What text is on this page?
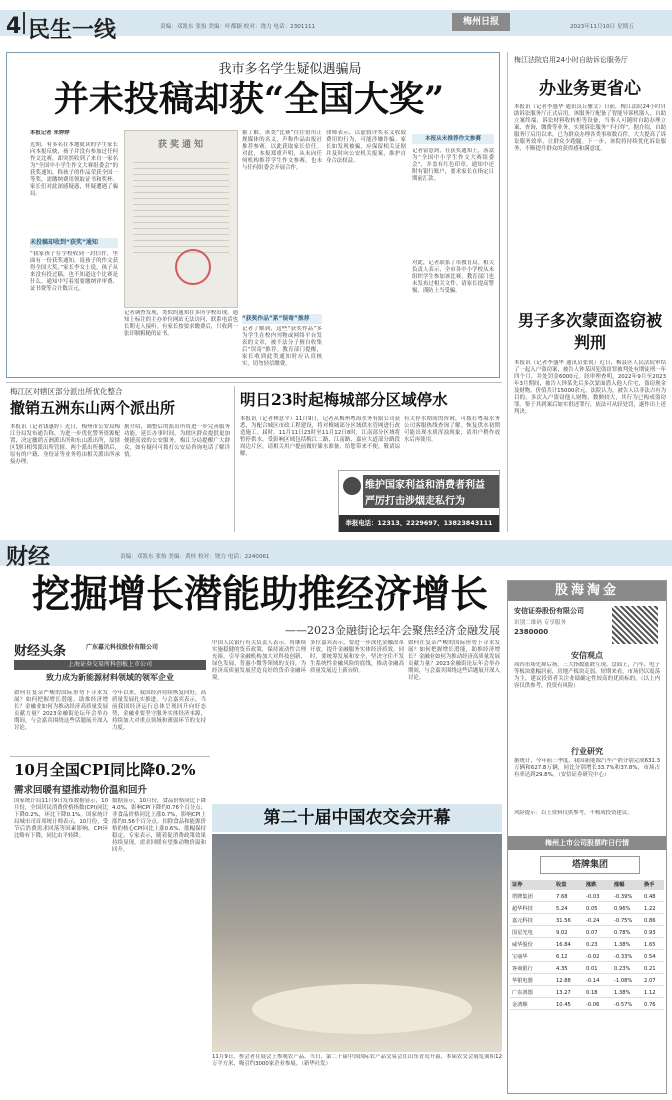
4 民生一线	责编：邓凯东 张怡 美编：叶都颖 校对：饶力 电话：2301111	梅州日报	2023年11月10日 星期五
我市多名学生疑似遇骗局
并未投稿却获“全国大奖”
本报记者 朱婷婷
近期，有多名在本地就读的学生家长向本报反映，孩子并没有参加过任何作文比赛，却突然收到了来自一家名为“全国中小学生作文大赛组委会”的获奖通知，称孩子的作品荣获全国一等奖，需缴纳费用领取证书和奖杯。家长们对此深感疑惑，怀疑遭遇了骗局。
未投稿却收到“获奖”通知
“我家孩子在学校收到一封信件，里面有一份获奖通知，说孩子的作文获得全国大奖。”家长李女士说，孩子从来没有投过稿，也不知道这个比赛是什么。通知中写着需要缴纳评审费、证书费等合计数百元。
获奖通知
记者调查发现，类似的通知在多所学校出现。通知上标注的主办单位网站无法访问，联系电话也长期无人接听。有家长按要求缴费后，只收到一张印制粗糙的证书。
据了解，该类“比赛”往往借用正规媒体的名义，声称作品由报社推荐参赛，以此获取家长信任。对此，本报郑重声明，从未向任何机构推荐学生作文参赛，也未与任何组委会开展合作。
“获奖作品”系“误寄”推荐
记者了解到，这些“获奖作品”多为学生在校内刊物或网络平台发表的文章，被不法分子擅自收集后“误寄”推荐。教育部门提醒，家长收到此类通知时应认真核实，切勿轻信缴费。
律师表示，以虚假评奖名义收取费用的行为，可能涉嫌诈骗。家长如发现被骗，应保留相关证据并及时向公安机关报案，维护自身合法权益。
本报从未推荐作文参赛
记者留意到，在获奖通知上，落款为“全国中小学生作文大赛组委会”，并盖有红色印章。通知中还附有银行账户，要求家长在指定日期前汇款。
对此，记者联系了市教育局。相关负责人表示，全市各中小学校从未组织学生参加该比赛，教育部门也未发布过相关文件。请家长提高警惕，谨防上当受骗。
梅江法院启用24小时自助诉讼服务厅
办业务更省心
本报讯（记者李盛华 通讯员丘雅文）日前，梅江法院24小时自助诉讼服务厅正式启用。该服务厅配备了智能导诉机器人、自助立案终端、诉讼材料收转柜等设备，当事人可随时自助办理立案、查询、缴费等业务，实现诉讼服务“不打烊”。据介绍，自助服务厅启用以来，已为群众办理各类事项数百件，大大提高了诉讼服务效率，让群众少跑腿。下一步，该院将持续优化诉讼服务，不断提升群众的获得感和满意度。
男子多次蒙面盗窃被判刑
本报讯（记者李盛华 通讯员张锐）近日，梅县区人民法院审结了一起入户盗窃案，被告人钟某因犯盗窃罪被判处有期徒刑一年四个月，并处罚金6000元。经审理查明，2022年9月至2023年3月期间，被告人钟某先后多次蒙面潜入他人住宅，盗窃现金及财物，价值共计15000余元。法院认为，被告人以非法占有为目的，多次入户盗窃他人财物，数额较大，其行为已构成盗窃罪。鉴于其到案后如实供述罪行，依法可从轻处罚，遂作出上述判决。
梅江区对辖区部分派出所优化整合
撤销五洲东山两个派出所
本报讯（记者钱惠婷）近日，梅州市公安局梅江分局发布通告称，为进一步优化警务资源配置，决定撤销五洲派出所和东山派出所，原辖区划归相邻派出所管辖。两个派出所撤销后，原有的户籍、身份证等业务将由相关派出所承接办理。
据介绍，调整后的派出所将进一步完善服务功能，延长办事时间，为辖区群众提供更加便捷高效的公安服务。梅江分局提醒广大群众，如有疑问可拨打公安局咨询电话了解详情。
明日23时起梅城部分区域停水
本报讯（记者林意平）11月9日，记者从梅州粤海水务有限公司获悉，为配合城区市政工程建设，将对梅城部分区域供水管网进行改造施工。届时，11月11日23时至11月12日8时，江南部分区域将暂停供水。受影响区域包括梅江二路、江南路、嘉应大道部分路段周边片区。请相关用户提前做好储水准备，给您带来不便，敬请谅解。
有关停水期间的咨询，可拨打粤海水务公司客服热线查询了解。恢复供水初期可能出现水质浑浊现象，请用户稍作放水后再使用。
维护国家利益和消费者利益
严厉打击涉烟走私行为
举报电话：12313、2229697、13823843111
财经	责编：邓凯东 张怡 美编：黄桂 校对：饶力 电话：2240061
挖掘增长潜能助推经济增长
——2023金融街论坛年会聚焦经济金融发展
财经头条	广东嘉元科技股份有限公司
上海证券交易所科创板上市公司
致力成为新能源材料领域的领军企业
如何在复杂严峻的国际形势下寻求发展？如何把握增长潜能，助推经济增长？金融业如何为推动经济高质量发展贡献力量？2023金融街论坛年会举办期间，与会嘉宾围绕这些话题展开深入讨论。
今年以来，我国经济持续恢复向好，高质量发展扎实推进。与会嘉宾表示，当前我国经济运行总体呈现回升向好态势，金融业要坚守服务实体经济本源，持续加大对重点领域和薄弱环节的支持力度。
中国人民银行有关负责人表示，将继续实施稳健的货币政策，保持流动性合理充裕，引导金融机构加大对科技创新、绿色发展、普惠小微等领域的支持，为经济高质量发展营造良好的货币金融环境。
多位嘉宾表示，要进一步深化金融改革开放，提升金融服务实体经济质效。同时，要统筹发展和安全，坚决守住不发生系统性金融风险的底线，推动金融高质量发展迈上新台阶。
如何在复杂严峻的国际形势下寻求发展？如何把握增长潜能，助推经济增长？金融业如何为推动经济高质量发展贡献力量？2023金融街论坛年会举办期间，与会嘉宾围绕这些话题展开深入讨论。
10月全国CPI同比降0.2%
需求回暖有望推动物价温和回升
国家统计局11月9日发布数据显示，10月份，全国居民消费价格指数(CPI)同比下降0.2%，环比下降0.1%。国家统计局城市司首席统计师表示，10月份，受节后消费需求回落等因素影响，CPI环比略有下降，同比由平转降。
数据显示，10月份，食品价格同比下降4.0%，影响CPI下降约0.76个百分点；非食品价格同比上涨0.7%，影响CPI上涨约0.56个百分点。扣除食品和能源价格的核心CPI同比上涨0.6%，涨幅保持稳定。专家表示，随着促消费政策效果持续显现，需求回暖有望推动物价温和回升。
第二十届中国农交会开幕
11月9日，参会者在展会上参观农产品。当日，第二十届中国国际农产品交易会在山东青岛开幕，本届农交会展览面积12万平方米，吸引约3000家企业参展。（新华社发）
股海淘金
安信证券股份有限公司
识别二维码 专享服务
2380000
安信观点
周四市场先抑后扬，三大指数涨跌互现。盘面上，汽车、电子等板块涨幅居前，房地产板块走弱。短期来看，市场仍以震荡为主，建议投资者关注业绩确定性较高的优质标的。（以上内容仅供参考，投资有风险）
行业研究
据统计，今年前三季度，我国新能源汽车产销分别完成631.3万辆和627.8万辆，同比分别增长33.7%和37.8%，市场占有率达到29.8%。（安信证券研究中心）
风险提示：以上资料仅供参考，不构成投资建议。
梅州上市公司股票昨日行情
塔牌集团
证券	收盘	涨跌	涨幅	换手
塔牌集团	7.68	-0.03	-0.39% 0.48
超华科技	5.24	0.05	0.96%	1.22
嘉元科技	31.56	-0.24	-0.75% 0.86
国星光电	9.02	0.07	0.78%	0.93
威华股份	16.84	0.23	1.38%	1.65
宝丽华	6.12	-0.02	-0.33% 0.54
客商银行	4.35	0.01	0.23%	0.21
华银电器	12.88	-0.14	-1.08% 2.07
广东鸿图	13.27	0.18	1.38%	1.12
金鸿顺	10.45	-0.06	-0.57% 0.76
